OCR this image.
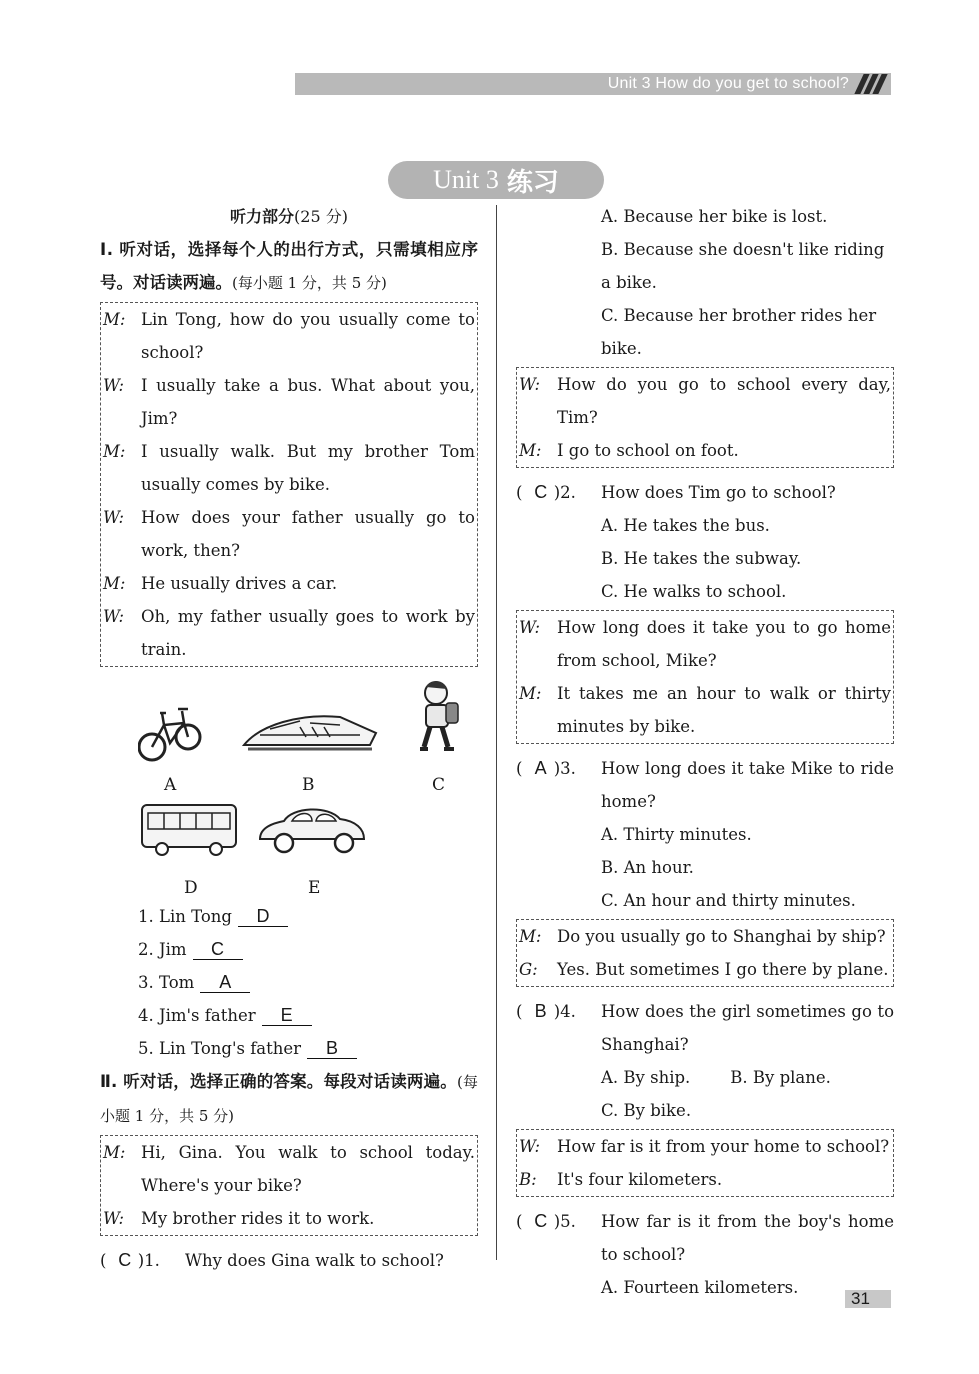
Unit 3 How do you get to school?
Unit 3 练习
听力部分(25 分)
Ⅰ. 听对话，选择每个人的出行方式，只需填相应序号。对话读两遍。(每小题 1 分，共 5 分)
M: Lin Tong, how do you usually come to school?
W:	I usually take a bus. What about you, Jim?
M: I usually walk. But my brother Tom usually comes by bike.
W:	How does your father usually go to work, then?
M: He usually drives a car.
W:	Oh, my father usually goes to work by train.
A	B	C
D	E
1. Lin Tong D
2. Jim C
3. Tom A
4. Jim's father E
5. Lin Tong's father B
Ⅱ. 听对话，选择正确的答案。每段对话读两遍。(每小题 1 分，共 5 分)
M: Hi, Gina. You walk to school today. Where's your bike?
W:	My brother rides it to work.
( C )1.	Why does Gina walk to school?
A. Because her bike is lost.
B. Because she doesn't like riding a bike.
C. Because her brother rides her bike.
W:	How do you go to school every day, Tim?
M: I go to school on foot.
( C )2.	How does Tim go to school?
A. He takes the bus.
B. He takes the subway.
C. He walks to school.
W:	How long does it take you to go home from school, Mike?
M: It takes me an hour to walk or thirty minutes by bike.
( A )3.	How long does it take Mike to ride home?
A. Thirty minutes.
B. An hour.
C. An hour and thirty minutes.
M: Do you usually go to Shanghai by ship?
G:	Yes. But sometimes I go there by plane.
( B )4.	How does the girl sometimes go to Shanghai?
A. By ship. B. By plane.
C. By bike.
W:	How far is it from your home to school?
B:	It's four kilometers.
( C )5.	How far is it from the boy's home to school?
A. Fourteen kilometers.
31
